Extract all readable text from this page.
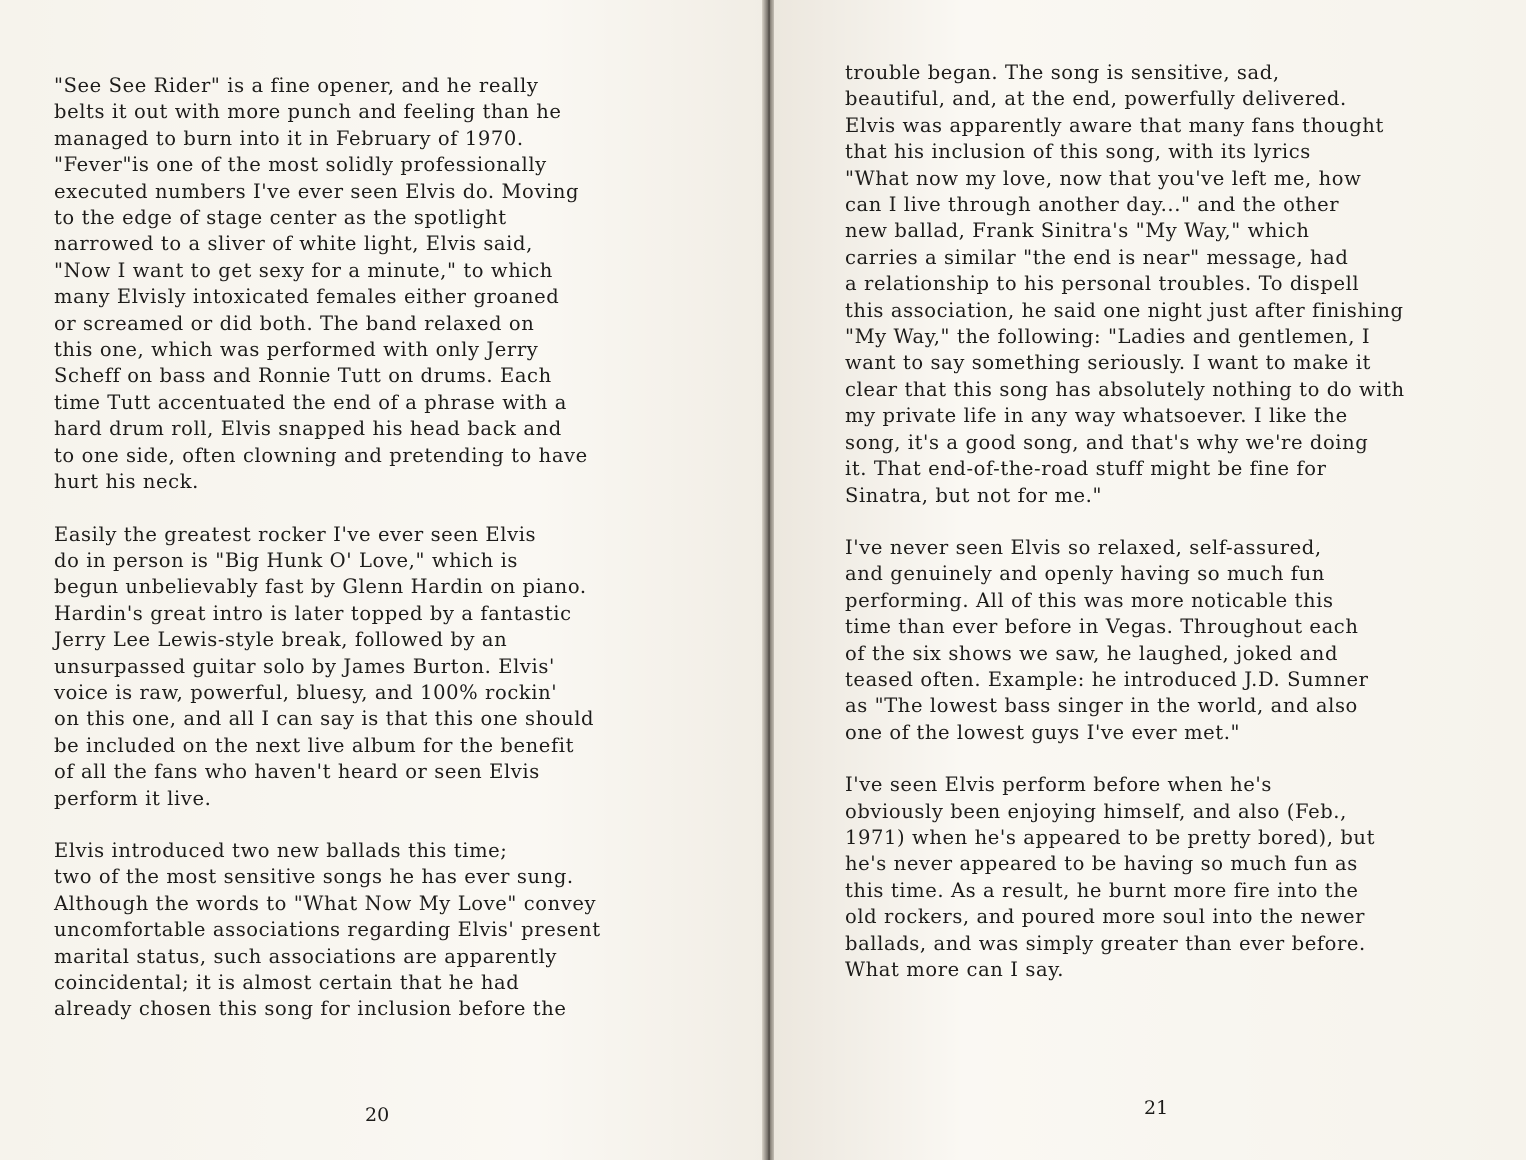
"See See Rider" is a fine opener, and he really
belts it out with more punch and feeling than he
managed to burn into it in February of 1970.
"Fever"is one of the most solidly professionally
executed numbers I've ever seen Elvis do. Moving
to the edge of stage center as the spotlight
narrowed to a sliver of white light, Elvis said,
"Now I want to get sexy for a minute," to which
many Elvisly intoxicated females either groaned
or screamed or did both. The band relaxed on
this one, which was performed with only Jerry
Scheff on bass and Ronnie Tutt on drums. Each
time Tutt accentuated the end of a phrase with a
hard drum roll, Elvis snapped his head back and
to one side, often clowning and pretending to have
hurt his neck.

Easily the greatest rocker I've ever seen Elvis
do in person is "Big Hunk O' Love," which is
begun unbelievably fast by Glenn Hardin on piano.
Hardin's great intro is later topped by a fantastic
Jerry Lee Lewis-style break, followed by an
unsurpassed guitar solo by James Burton. Elvis'
voice is raw, powerful, bluesy, and 100% rockin'
on this one, and all I can say is that this one should
be included on the next live album for the benefit
of all the fans who haven't heard or seen Elvis
perform it live.

Elvis introduced two new ballads this time;
two of the most sensitive songs he has ever sung.
Although the words to "What Now My Love" convey
uncomfortable associations regarding Elvis' present
marital status, such associations are apparently
coincidental; it is almost certain that he had
already chosen this song for inclusion before the

20

trouble began. The song is sensitive, sad,
beautiful, and, at the end, powerfully delivered.
Elvis was apparently aware that many fans thought
that his inclusion of this song, with its lyrics
"What now my love, now that you've left me, how
can I live through another day..." and the other
new ballad, Frank Sinitra's "My Way," which
carries a similar "the end is near" message, had
a relationship to his personal troubles. To dispell
this association, he said one night just after finishing
"My Way," the following: "Ladies and gentlemen, I
want to say something seriously. I want to make it
clear that this song has absolutely nothing to do with
my private life in any way whatsoever. I like the
song, it's a good song, and that's why we're doing
it. That end-of-the-road stuff might be fine for
Sinatra, but not for me."

I've never seen Elvis so relaxed, self-assured,
and genuinely and openly having so much fun
performing. All of this was more noticable this
time than ever before in Vegas. Throughout each
of the six shows we saw, he laughed, joked and
teased often. Example: he introduced J.D. Sumner
as "The lowest bass singer in the world, and also
one of the lowest guys I've ever met."

I've seen Elvis perform before when he's
obviously been enjoying himself, and also (Feb.,
1971) when he's appeared to be pretty bored), but
he's never appeared to be having so much fun as
this time. As a result, he burnt more fire into the
old rockers, and poured more soul into the newer
ballads, and was simply greater than ever before.
What more can I say.

21
